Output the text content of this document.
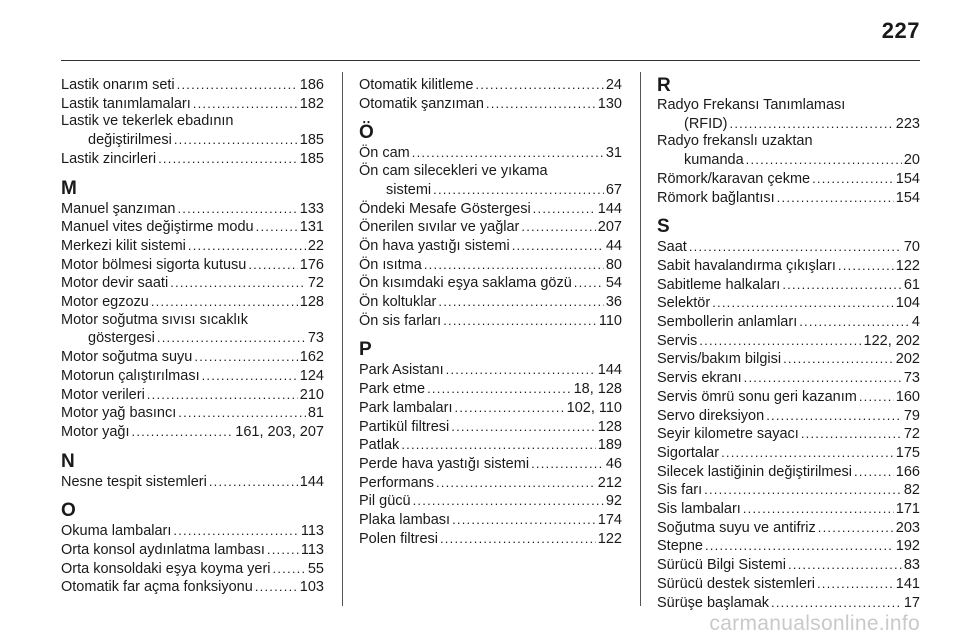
227
Lastik onarım seti . . .	186
Lastik tanımlamaları . . .	182
Lastik ve tekerlek ebadının
değiştirilmesi . . .	185
Lastik zincirleri . . .	185
M
Manuel şanzıman . . .	133
Manuel vites değiştirme modu . . .	131
Merkezi kilit sistemi . . .	22
Motor bölmesi sigorta kutusu . . .	176
Motor devir saati . . .	72
Motor egzozu . . .	128
Motor soğutma sıvısı sıcaklık
göstergesi . . .	73
Motor soğutma suyu . . .	162
Motorun çalıştırılması . . .	124
Motor verileri . . .	210
Motor yağ basıncı . . .	81
Motor yağı . . .	161, 203, 207
N
Nesne tespit sistemleri . . .	144
O
Okuma lambaları . . .	113
Orta konsol aydınlatma lambası . . . 113
Orta konsoldaki eşya koyma yeri . . .	55
Otomatik far açma fonksiyonu . . .	103
Otomatik kilitleme . . .	24
Otomatik şanzıman . . .	130
Ö
Ön cam . . .	31
Ön cam silecekleri ve yıkama
sistemi . . .	67
Öndeki Mesafe Göstergesi . . .	144
Önerilen sıvılar ve yağlar . . .	207
Ön hava yastığı sistemi . . .	44
Ön ısıtma . . .	80
Ön kısımdaki eşya saklama gözü . . . 54
Ön koltuklar . . .	36
Ön sis farları . . .	110
P
Park Asistanı . . .	144
Park etme . . .	18, 128
Park lambaları . . .	102, 110
Partikül filtresi . . .	128
Patlak . . .	189
Perde hava yastığı sistemi . . .	46
Performans . . .	212
Pil gücü . . .	92
Plaka lambası . . .	174
Polen filtresi . . .	122
R
Radyo Frekansı Tanımlaması
(RFID) . . .	223
Radyo frekanslı uzaktan
kumanda . . .	20
Römork/karavan çekme . . .	154
Römork bağlantısı . . .	154
S
Saat . . .	70
Sabit havalandırma çıkışları . . .	122
Sabitleme halkaları . . .	61
Selektör . . .	104
Sembollerin anlamları . . .	4
Servis . . .	122, 202
Servis/bakım bilgisi . . .	202
Servis ekranı . . .	73
Servis ömrü sonu geri kazanım . . .	160
Servo direksiyon . . .	79
Seyir kilometre sayacı . . .	72
Sigortalar . . .	175
Silecek lastiğinin değiştirilmesi . . .	166
Sis farı . . .	82
Sis lambaları . . .	171
Soğutma suyu ve antifriz . . .	203
Stepne . . .	192
Sürücü Bilgi Sistemi . . .	83
Sürücü destek sistemleri . . .	141
Sürüşe başlamak . . .	17
carmanualsonline.info
